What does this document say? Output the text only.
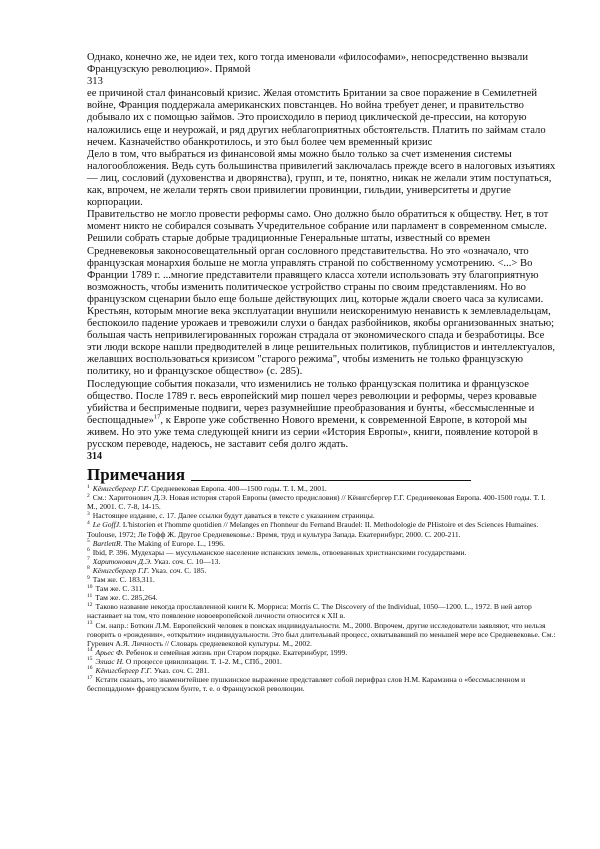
Однако, конечно же, не идеи тех, кого тогда именовали «философами», непосредственно вызвали Французскую революцию». Прямой

313

ее причиной стал финансовый кризис. Желая отомстить Британии за свое поражение в Семилетней войне, Франция поддержала американских повстанцев. Но война требует денег, и правительство добывало их с помощью займов. Это происходило в период циклической де-прессии, на которую наложились еще и неурожай, и ряд других неблагоприятных обстоятельств. Платить по займам стало нечем. Казначейство обанкротилось, и это был более чем временный кризис

Дело в том, что выбраться из финансовой ямы можно было только за счет изменения системы налогообложения. Ведь суть большинства привилегий заключалась прежде всего в налоговых изъятиях — лиц, сословий (духовенства и дворянства), групп, и те, понятно, никак не желали этим поступаться, как, впрочем, не желали терять свои привилегии провинции, гильдии, университеты и другие корпорации.

Правительство не могло провести реформы само. Оно должно было обратиться к обществу. Нет, в тот момент никто не собирался созывать Учредительное собрание или парламент в современном смысле. Решили собрать старые добрые традиционные Генеральные штаты, известный со времен Средневековья законосовещательный орган сословного представительства. Но это «означало, что французская монархия больше не могла управлять страной по собственному усмотрению. <...> Во Франции 1789 г. ...многие представители правящего класса хотели использовать эту благоприятную возможность, чтобы изменить политическое устройство страны по своим представлениям. Но во французском сценарии было еще больше действующих лиц, которые ждали своего часа за кулисами. Крестьян, которым многие века эксплуатации внушили неискоренимую ненависть к землевладельцам, беспокоило падение урожаев и тревожили слухи о бандах разбойников, якобы организованных знатью; большая часть непривилегированных горожан страдала от экономического спада и безработицы. Все эти люди вскоре нашли предводителей в лице решительных политиков, публицистов и интеллектуалов, желавших воспользоваться кризисом "старого режима", чтобы изменить не только французскую политику, но и французское общество» (с. 285).

Последующие события показали, что изменились не только французская политика и французское общество. После 1789 г. весь европейский мир пошел через революции и реформы, через кровавые убийства и бесприменые подвиги, через разумнейшие преобразования и бунты, «бессмысленные и беспощадные»$^{17}$, к Европе уже собственно Нового времени, к современной Европе, в которой мы живем. Но это уже тема следующей книги из серии «История Европы», книги, появление которой в русском переводе, надеюсь, не заставит себя долго ждать.

314

Примечания

$^1$ Кёнигсбергер Г.Г. Средневековая Европа. 400—1500 годы. Т. I. М., 2001.

$^2$ См.: Харитонович Д.Э. Новая история старой Европы (вместо предисловия) // Кёнигсбергер Г.Г. Средневековая Европа. 400-1500 годы. Т. I. М., 2001. С. 7-8, 14-15.

$^3$ Настоящее издание, с. 17. Далее ссылки будут даваться в тексте с указанием страницы.

$^4$ Le GoffJ. L'historien et l'homme quotidien // Melanges en l'honneur du Fernand Braudel: II. Methodologie de PHistoire et des Sciences Humaines. Toulouse, 1972; Ле Гофф Ж. Другое Средневековье.: Время, труд и культура Запада. Екатеринбург, 2000. С. 200-211.

$^5$ BartlettR. The Making of Europe. L., 1996.

$^6$ Ibid, P. 396. Мудехары — мусульманское население испанских земель, отвоеванных христианскими государствами.

$^7$ Харитонович Д.Э. Указ. соч. С. 10—13.

$^8$ Кёнигсбергер Г.Г. Указ. соч. С. 185.

$^9$ Там же. С. 183,311.

$^{10}$ Там же. С. 311.

$^{11}$ Там же. С. 285,264.

$^{12}$ Таково название некогда прославленной книги К. Морриса: Morris C. The Discovery of the Individual, 1050—1200. L., 1972. В ней автор настаивает на том, что появление новоевропейской личности относится к XII в.

$^{13}$ См. напр.: Боткин Л.М. Европейский человек в поисках индивидуальности. М., 2000. Впрочем, другие исследователи заявляют, что нельзя говорить о «рождении», «открытии» индивидуальности. Это был длительный процесс, охватывавший по меньшей мере все Средневековье. См.: Гуревич А.Я. Личность // Словарь средневековой культуры. М., 2002.

$^{14}$ Арьес Ф. Ребенок и семейная жизнь при Старом порядке. Екатеринбург, 1999.

$^{15}$ Элиас Н. О процессе цивилизации. Т. 1-2. М., СПб., 2001.

$^{16}$ Кёнигсбергер Г.Г. Указ. соч. С. 281.

$^{17}$ Кстати сказать, это знаменитейшее пушкинское выражение представляет собой перифраз слов Н.М. Карамзина о «бессмысленном и беспощадном» французском бунте, т. е. о Французской революции.
